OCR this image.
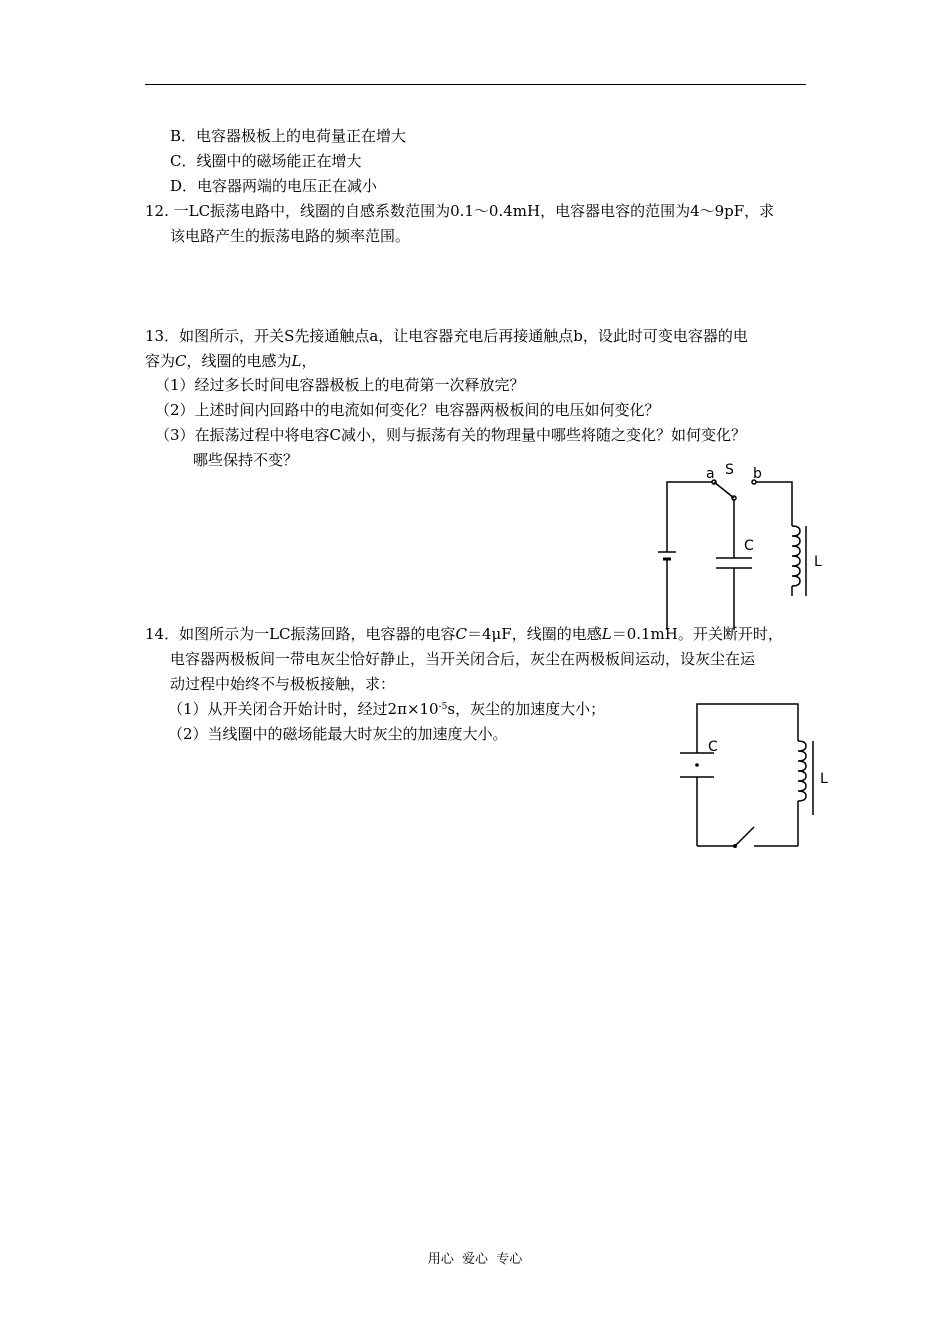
B．电容器极板上的电荷量正在增大
C．线圈中的磁场能正在增大
D．电容器两端的电压正在减小
12. 一LC振荡电路中，线圈的自感系数范围为0.1～0.4mH，电容器电容的范围为4～9pF，求
该电路产生的振荡电路的频率范围。
13．如图所示，开关S先接通触点a，让电容器充电后再接通触点b，设此时可变电容器的电
容为C，线圈的电感为L，
（1）经过多长时间电容器极板上的电荷第一次释放完？
（2）上述时间内回路中的电流如何变化？电容器两极板间的电压如何变化？
（3）在振荡过程中将电容C减小，则与振荡有关的物理量中哪些将随之变化？如何变化？
哪些保持不变？
a S b
C
L
14．如图所示为一LC振荡回路，电容器的电容C＝4μF，线圈的电感L＝0.1mH。开关断开时，
电容器两极板间一带电灰尘恰好静止，当开关闭合后，灰尘在两极板间运动，设灰尘在运
动过程中始终不与极板接触，求：
（1）从开关闭合开始计时，经过$2\pi\times 10^{-5}s$，灰尘的加速度大小；
（2）当线圈中的磁场能最大时灰尘的加速度大小。
C
L
用心  爱心  专心
